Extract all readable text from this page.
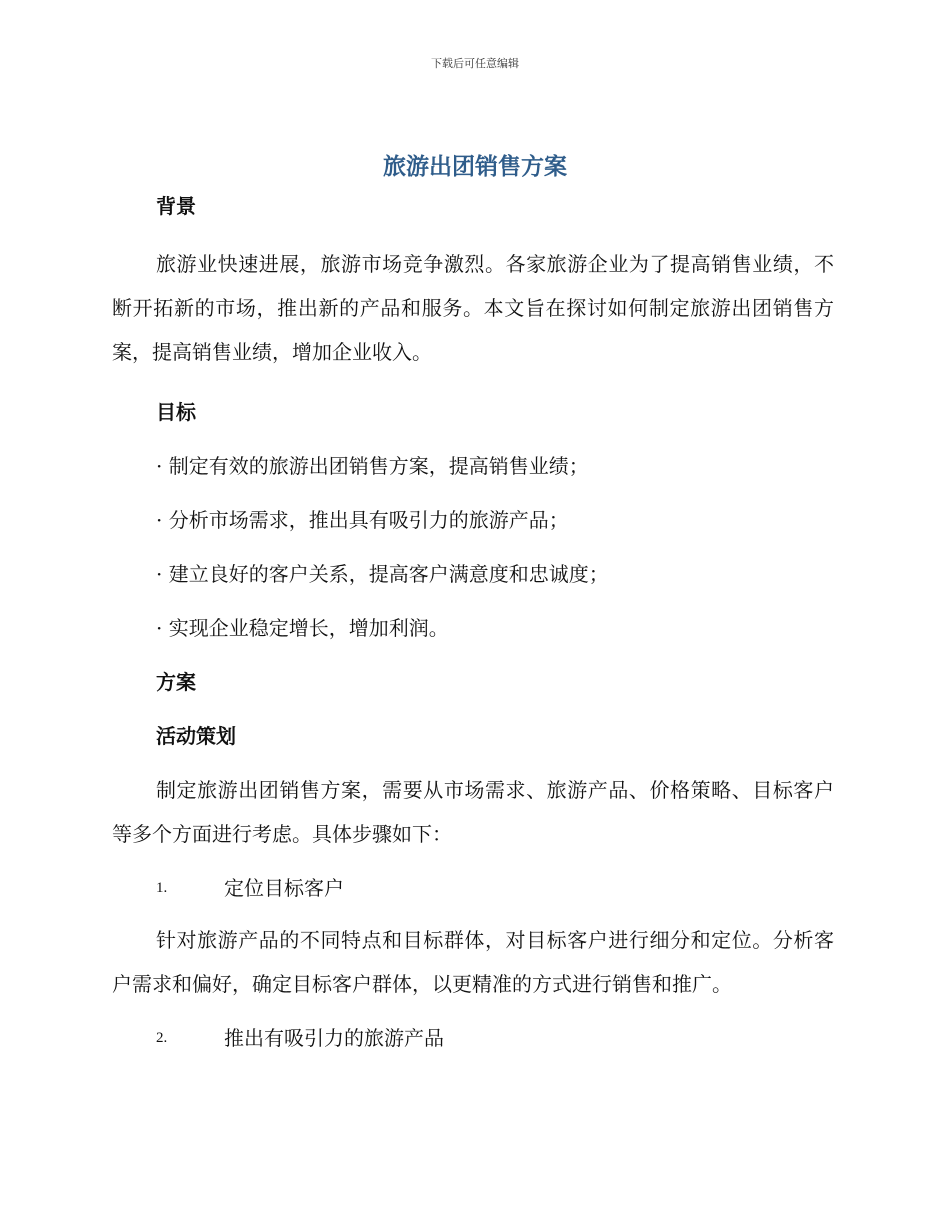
下载后可任意编辑
旅游出团销售方案
背景
旅游业快速进展，旅游市场竞争激烈。各家旅游企业为了提高销售业绩，不断开拓新的市场，推出新的产品和服务。本文旨在探讨如何制定旅游出团销售方案，提高销售业绩，增加企业收入。
目标
· 制定有效的旅游出团销售方案，提高销售业绩；
· 分析市场需求，推出具有吸引力的旅游产品；
· 建立良好的客户关系，提高客户满意度和忠诚度；
· 实现企业稳定增长，增加利润。
方案
活动策划
制定旅游出团销售方案，需要从市场需求、旅游产品、价格策略、目标客户等多个方面进行考虑。具体步骤如下：
1.	定位目标客户
针对旅游产品的不同特点和目标群体，对目标客户进行细分和定位。分析客户需求和偏好，确定目标客户群体，以更精准的方式进行销售和推广。
2.	推出有吸引力的旅游产品
